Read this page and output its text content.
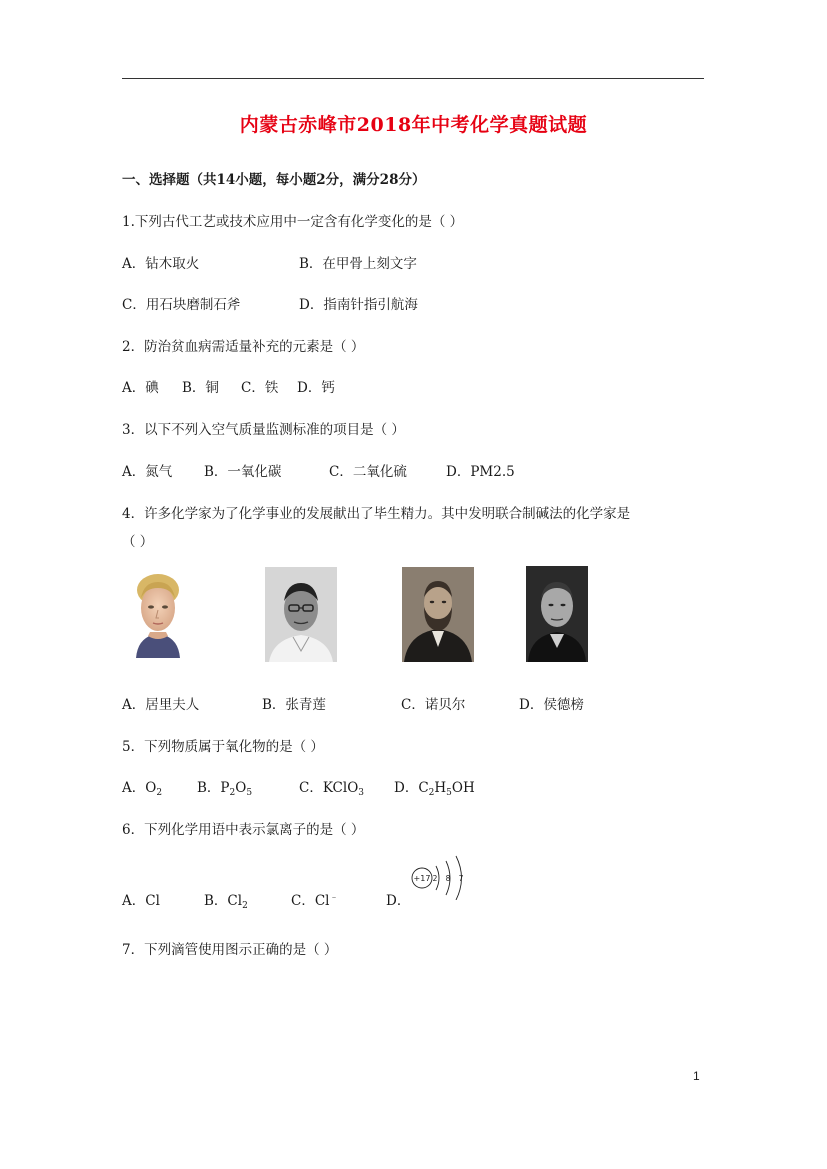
内蒙古赤峰市2018年中考化学真题试题
一、选择题（共14小题，每小题2分，满分28分）
1.下列古代工艺或技术应用中一定含有化学变化的是（ ）
A．钻木取火	B．在甲骨上刻文字
C．用石块磨制石斧	D．指南针指引航海
2．防治贫血病需适量补充的元素是（ ）
A．碘 B．铜 C．铁 D．钙
3．以下不列入空气质量监测标准的项目是（ ）
A．氮气 B．一氧化碳	C．二氧化硫	D．PM2.5
4．许多化学家为了化学事业的发展献出了毕生精力。其中发明联合制碱法的化学家是
（ ）
A．居里夫人	B．张青莲	C．诺贝尔	D．侯德榜
5．下列物质属于氧化物的是（ ）
A．$O_2$	B．$P_2O_5$	C．KClO$_3$ D．$C_2H_5OH$
6．下列化学用语中表示氯离子的是（ ）
A．Cl	B．$Cl_2$	C．Cl﹣	D．
+17 2 8 7
7．下列滴管使用图示正确的是（ ）
1
